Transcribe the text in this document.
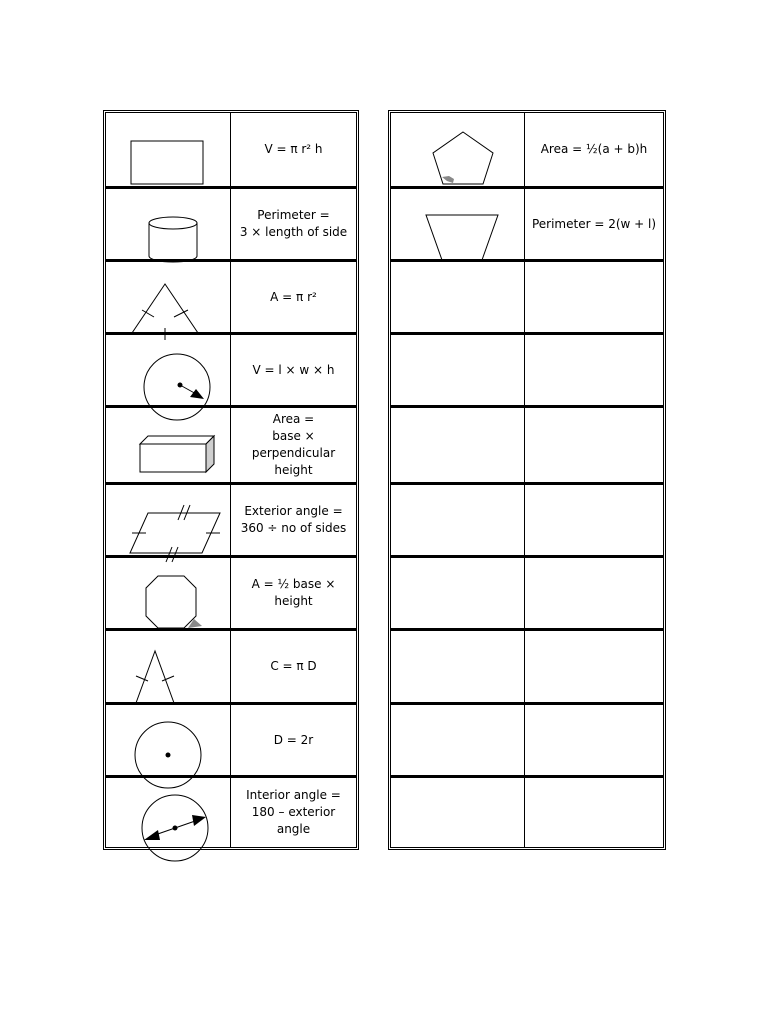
V = π r² h
Perimeter =
3 × length of side
A = π r²
V = l × w × h
Area =
base ×
perpendicular
height
Exterior angle =
360 ÷ no of sides
A = ½ base ×
height
C = π D
D = 2r
Interior angle =
180 – exterior angle
Area = ½(a + b)h
Perimeter = 2(w + l)
